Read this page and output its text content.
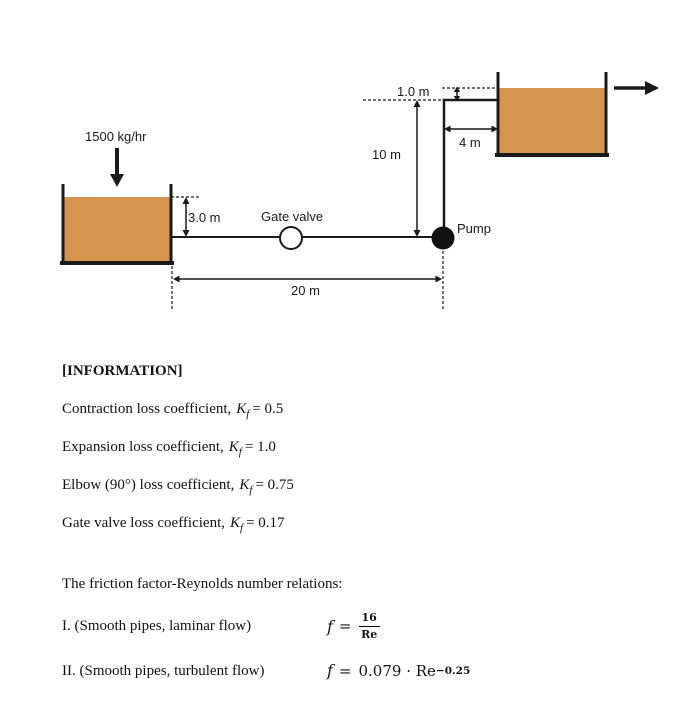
1500 kg/hr
3.0 m	Gate valve
Pump
10 m
1.0 m
4 m
20 m
[INFORMATION]

Contraction loss coefficient, $K_f = 0.5$

Expansion loss coefficient, $K_f = 1.0$

Elbow (90°) loss coefficient, $K_f = 0.75$

Gate valve loss coefficient, $K_f = 0.17$

The friction factor-Reynolds number relations:
I. (Smooth pipes, laminar flow)	$f = \frac{16}{Re}$
II. (Smooth pipes, turbulent flow)	f = 0.079 · Re −0.25
